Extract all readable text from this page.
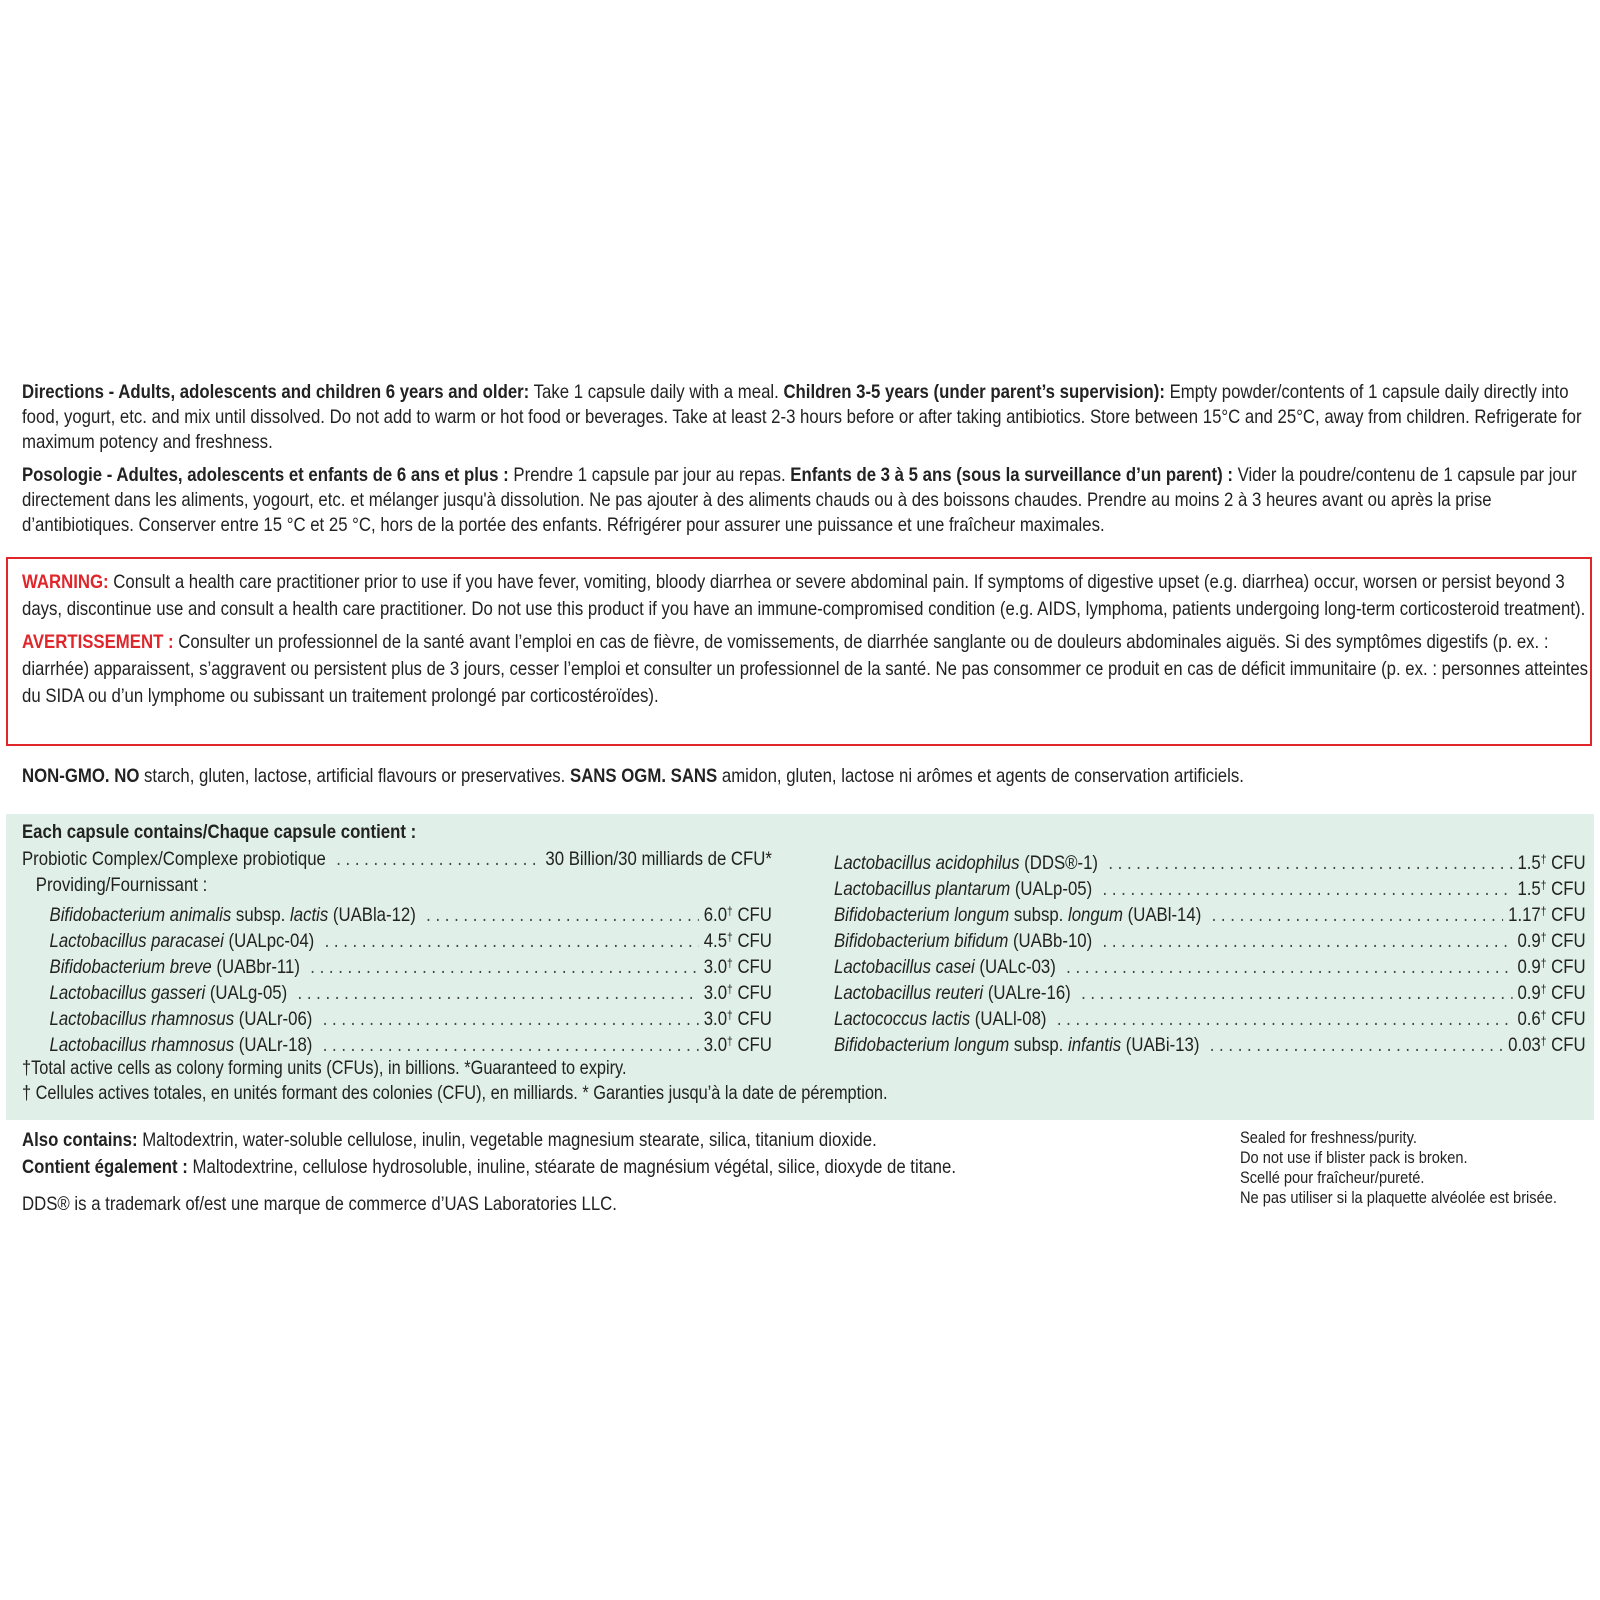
Directions - Adults, adolescents and children 6 years and older: Take 1 capsule daily with a meal. Children 3-5 years (under parent’s supervision): Empty powder/contents of 1 capsule daily directly into food, yogurt, etc. and mix until dissolved. Do not add to warm or hot food or beverages. Take at least 2-3 hours before or after taking antibiotics. Store between 15°C and 25°C, away from children. Refrigerate for maximum potency and freshness.

Posologie - Adultes, adolescents et enfants de 6 ans et plus : Prendre 1 capsule par jour au repas. Enfants de 3 à 5 ans (sous la surveillance d’un parent) : Vider la poudre/contenu de 1 capsule par jour directement dans les aliments, yogourt, etc. et mélanger jusqu'à dissolution. Ne pas ajouter à des aliments chauds ou à des boissons chaudes. Prendre au moins 2 à 3 heures avant ou après la prise d’antibiotiques. Conserver entre 15 °C et 25 °C, hors de la portée des enfants. Réfrigérer pour assurer une puissance et une fraîcheur maximales.

WARNING: Consult a health care practitioner prior to use if you have fever, vomiting, bloody diarrhea or severe abdominal pain. If symptoms of digestive upset (e.g. diarrhea) occur, worsen or persist beyond 3 days, discontinue use and consult a health care practitioner. Do not use this product if you have an immune-compromised condition (e.g. AIDS, lymphoma, patients undergoing long-term corticosteroid treatment).

AVERTISSEMENT : Consulter un professionnel de la santé avant l’emploi en cas de fièvre, de vomissements, de diarrhée sanglante ou de douleurs abdominales aiguës. Si des symptômes digestifs (p. ex. : diarrhée) apparaissent, s’aggravent ou persistent plus de 3 jours, cesser l’emploi et consulter un professionnel de la santé. Ne pas consommer ce produit en cas de déficit immunitaire (p. ex. : personnes atteintes du SIDA ou d’un lymphome ou subissant un traitement prolongé par corticostéroïdes).

NON-GMO. NO starch, gluten, lactose, artificial flavours or preservatives. SANS OGM. SANS amidon, gluten, lactose ni arômes et agents de conservation artificiels.
Each capsule contains/Chaque capsule contient :
Probiotic Complex/Complexe probiotique . . .	30 Billion/30 milliards de CFU*
Providing/Fournissant :
Bifidobacterium animalis subsp. lactis (UABla-12) . . .	6.0† CFU
Lactobacillus paracasei (UALpc-04) . . .	4.5† CFU
Bifidobacterium breve (UABbr-11) . . .	3.0† CFU
Lactobacillus gasseri (UALg-05) . . .	3.0† CFU
Lactobacillus rhamnosus (UALr-06) . . .	3.0† CFU
Lactobacillus rhamnosus (UALr-18) . . .	3.0† CFU
Lactobacillus acidophilus (DDS®-1) . . .	1.5† CFU
Lactobacillus plantarum (UALp-05) . . .	1.5† CFU
Bifidobacterium longum subsp. longum (UABl-14) . . .	1.17† CFU
Bifidobacterium bifidum (UABb-10) . . .	0.9† CFU
Lactobacillus casei (UALc-03) . . .	0.9† CFU
Lactobacillus reuteri (UALre-16) . . .	0.9† CFU
Lactococcus lactis (UALl-08) . . .	0.6† CFU
Bifidobacterium longum subsp. infantis (UABi-13) . . .	0.03† CFU
†Total active cells as colony forming units (CFUs), in billions. *Guaranteed to expiry.
† Cellules actives totales, en unités formant des colonies (CFU), en milliards. * Garanties jusqu’à la date de péremption.

Also contains: Maltodextrin, water-soluble cellulose, inulin, vegetable magnesium stearate, silica, titanium dioxide.

Contient également : Maltodextrine, cellulose hydrosoluble, inuline, stéarate de magnésium végétal, silice, dioxyde de titane.

DDS® is a trademark of/est une marque de commerce d’UAS Laboratories LLC.
Sealed for freshness/purity.
Do not use if blister pack is broken.
Scellé pour fraîcheur/pureté.
Ne pas utiliser si la plaquette alvéolée est brisée.
